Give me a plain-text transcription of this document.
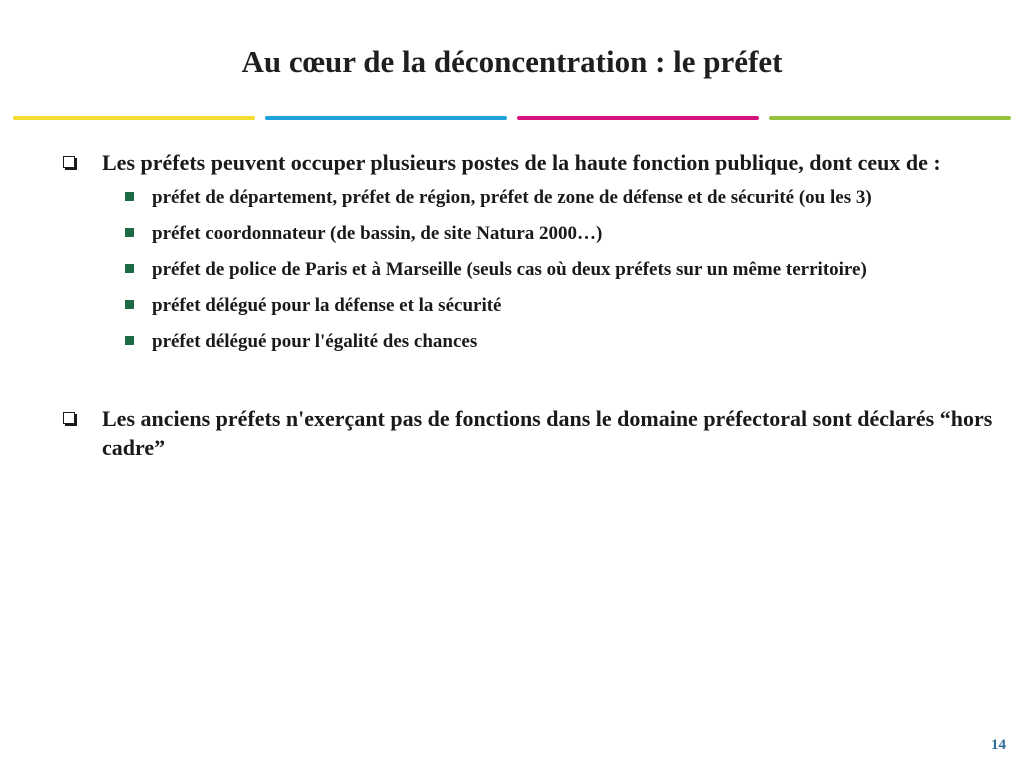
Au cœur de la déconcentration : le préfet
Les préfets peuvent occuper plusieurs postes de la haute fonction publique, dont ceux de :
préfet de département, préfet de région, préfet de zone de défense et de sécurité (ou les 3)
préfet coordonnateur (de bassin, de site Natura 2000…)
préfet de police de Paris et à Marseille (seuls cas où deux préfets sur un même territoire)
préfet délégué pour la défense et la sécurité
préfet délégué pour l'égalité des chances
Les anciens préfets n'exerçant pas de fonctions dans le domaine préfectoral sont déclarés “hors cadre”
14
